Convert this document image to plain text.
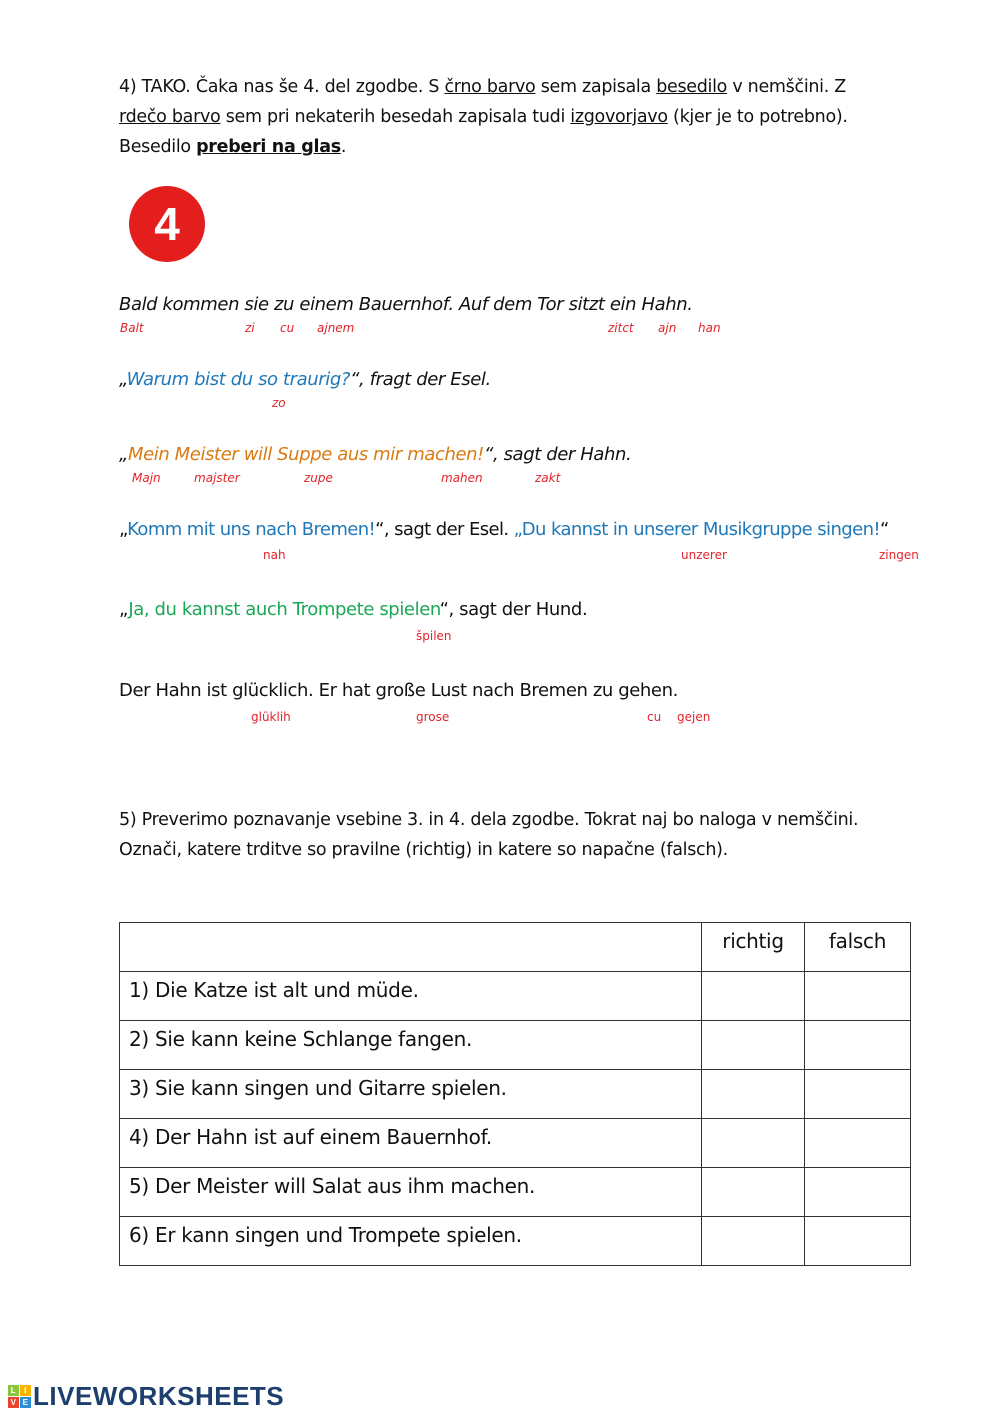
4) TAKO. Čaka nas še 4. del zgodbe. S črno barvo sem zapisala besedilo v nemščini. Z
rdečo barvo sem pri nekaterih besedah zapisala tudi izgovorjavo (kjer je to potrebno).
Besedilo preberi na glas.
4
Bald kommen sie zu einem Bauernhof. Auf dem Tor sitzt ein Hahn.
Balt	zi cu ajnem	zitct ajn han
„Warum bist du so traurig?“, fragt der Esel.
zo
„Mein Meister will Suppe aus mir machen!“, sagt der Hahn.
Majn	majster	zupe	mahen	zakt
„Komm mit uns nach Bremen!“, sagt der Esel. „Du kannst in unserer Musikgruppe singen!“
nah	unzerer	zingen
„Ja, du kannst auch Trompete spielen“, sagt der Hund.
špilen
Der Hahn ist glücklich. Er hat große Lust nach Bremen zu gehen.
glüklih	grose	cu gejen
5) Preverimo poznavanje vsebine 3. in 4. dela zgodbe. Tokrat naj bo naloga v nemščini.
Označi, katere trditve so pravilne (richtig) in katere so napačne (falsch).
	richtig	falsch
1) Die Katze ist alt und müde.		
2) Sie kann keine Schlange fangen.		
3) Sie kann singen und Gitarre spielen.		
4) Der Hahn ist auf einem Bauernhof.		
5) Der Meister will Salat aus ihm machen.		
6) Er kann singen und Trompete spielen.		
L I
V E LIVEWORKSHEETS
